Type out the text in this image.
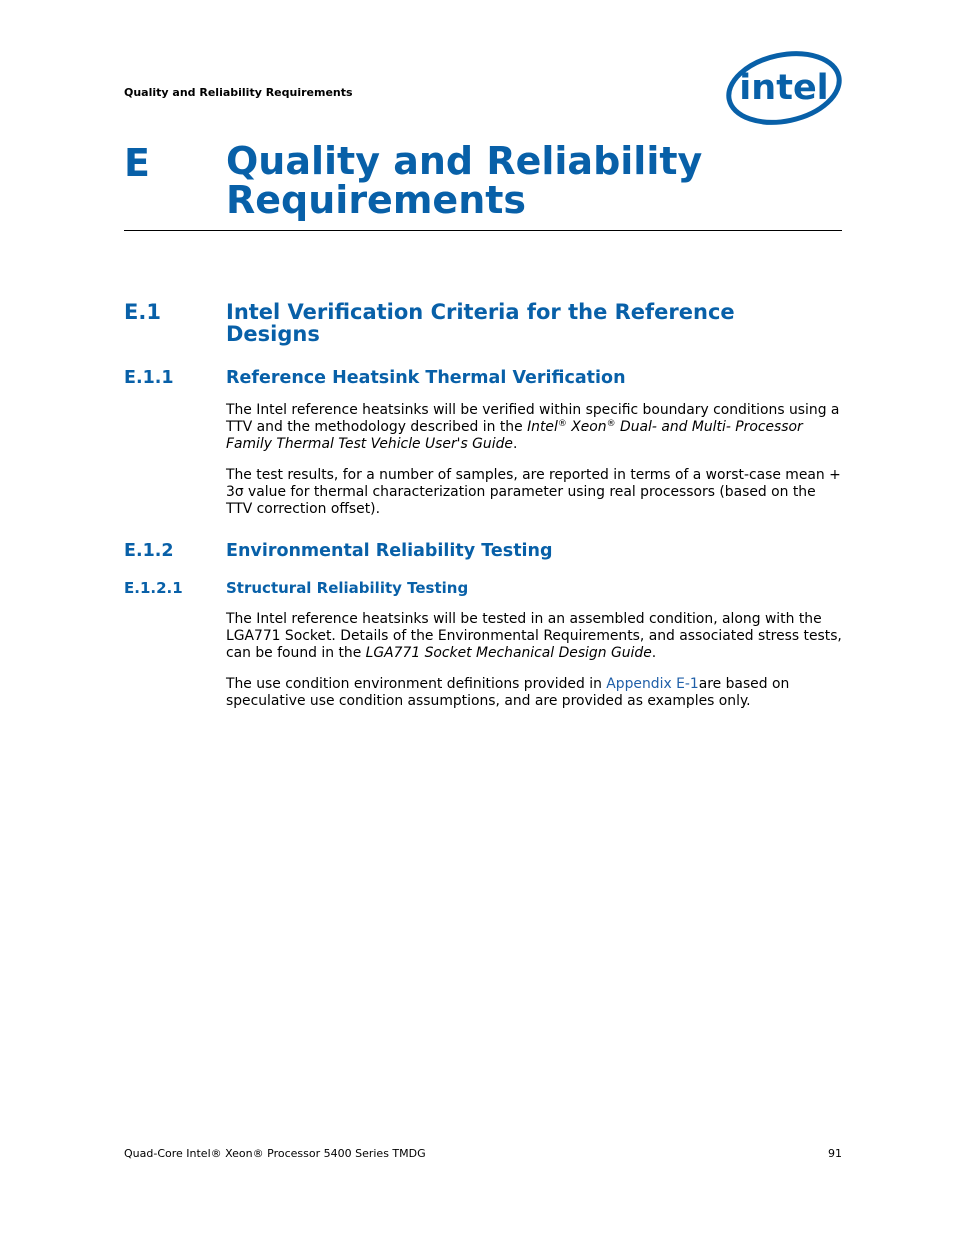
Quality and Reliability Requirements	intel
E Quality and Reliability Requirements
E.1	Intel Verification Criteria for the Reference Designs
E.1.1	Reference Heatsink Thermal Verification
The Intel reference heatsinks will be verified within specific boundary conditions using a TTV and the methodology described in the Intel® Xeon® Dual- and Multi- Processor Family Thermal Test Vehicle User's Guide.
The test results, for a number of samples, are reported in terms of a worst-case mean + 3σ value for thermal characterization parameter using real processors (based on the TTV correction offset).
E.1.2	Environmental Reliability Testing
E.1.2.1	Structural Reliability Testing
The Intel reference heatsinks will be tested in an assembled condition, along with the LGA771 Socket. Details of the Environmental Requirements, and associated stress tests, can be found in the LGA771 Socket Mechanical Design Guide.
The use condition environment definitions provided in Appendix E-1are based on speculative use condition assumptions, and are provided as examples only.
Quad-Core Intel® Xeon® Processor 5400 Series TMDG	91
